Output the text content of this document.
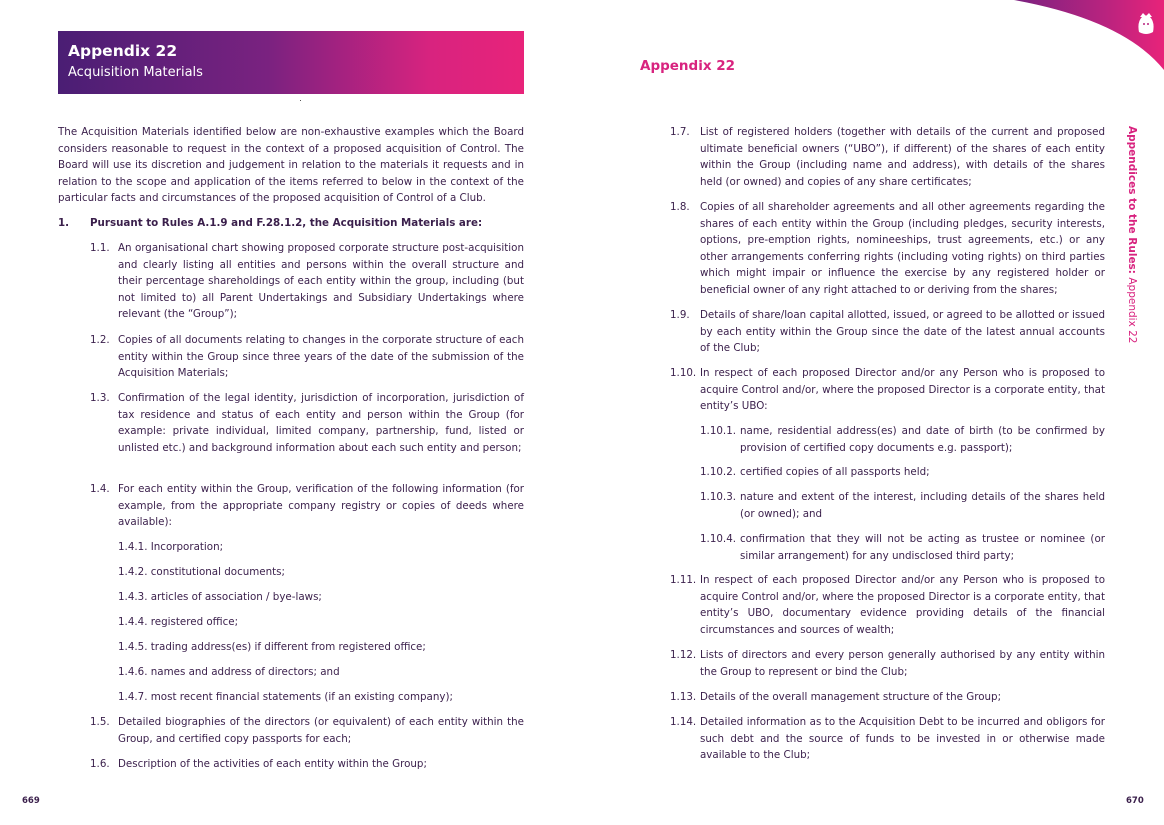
Appendix 22
Acquisition Materials
The Acquisition Materials identified below are non-exhaustive examples which the Board considers reasonable to request in the context of a proposed acquisition of Control. The Board will use its discretion and judgement in relation to the materials it requests and in relation to the scope and application of the items referred to below in the context of the particular facts and circumstances of the proposed acquisition of Control of a Club.
1. Pursuant to Rules A.1.9 and F.28.1.2, the Acquisition Materials are:
1.1. An organisational chart showing proposed corporate structure post-acquisition and clearly listing all entities and persons within the overall structure and their percentage shareholdings of each entity within the group, including (but not limited to) all Parent Undertakings and Subsidiary Undertakings where relevant (the “Group”);
1.2. Copies of all documents relating to changes in the corporate structure of each entity within the Group since three years of the date of the submission of the Acquisition Materials;
1.3. Confirmation of the legal identity, jurisdiction of incorporation, jurisdiction of tax residence and status of each entity and person within the Group (for example: private individual, limited company, partnership, fund, listed or unlisted etc.) and background information about each such entity and person;
1.4. For each entity within the Group, verification of the following information (for example, from the appropriate company registry or copies of deeds where available):
1.4.1. Incorporation;
1.4.2. constitutional documents;
1.4.3. articles of association / bye-laws;
1.4.4. registered office;
1.4.5. trading address(es) if different from registered office;
1.4.6. names and address of directors; and
1.4.7. most recent financial statements (if an existing company);
1.5. Detailed biographies of the directors (or equivalent) of each entity within the Group, and certified copy passports for each;
1.6. Description of the activities of each entity within the Group;
669
Appendix 22
1.7.	List of registered holders (together with details of the current and proposed ultimate beneficial owners (“UBO”), if different) of the shares of each entity within the Group (including name and address), with details of the shares held (or owned) and copies of any share certificates;
1.8.	Copies of all shareholder agreements and all other agreements regarding the shares of each entity within the Group (including pledges, security interests, options, pre-emption rights, nomineeships, trust agreements, etc.) or any other arrangements conferring rights (including voting rights) on third parties which might impair or influence the exercise by any registered holder or beneficial owner of any right attached to or deriving from the shares;
1.9.	Details of share/loan capital allotted, issued, or agreed to be allotted or issued by each entity within the Group since the date of the latest annual accounts of the Club;
1.10. In respect of each proposed Director and/or any Person who is proposed to acquire Control and/or, where the proposed Director is a corporate entity, that entity’s UBO:
1.10.1. name, residential address(es) and date of birth (to be confirmed by provision of certified copy documents e.g. passport);
1.10.2. certified copies of all passports held;
1.10.3. nature and extent of the interest, including details of the shares held (or owned); and
1.10.4. confirmation that they will not be acting as trustee or nominee (or similar arrangement) for any undisclosed third party;
1.11. In respect of each proposed Director and/or any Person who is proposed to acquire Control and/or, where the proposed Director is a corporate entity, that entity’s UBO, documentary evidence providing details of the financial circumstances and sources of wealth;
1.12. Lists of directors and every person generally authorised by any entity within the Group to represent or bind the Club;
1.13. Details of the overall management structure of the Group;
1.14. Detailed information as to the Acquisition Debt to be incurred and obligors for such debt and the source of funds to be invested in or otherwise made available to the Club;
Appendices to the Rules: Appendix 22
670
